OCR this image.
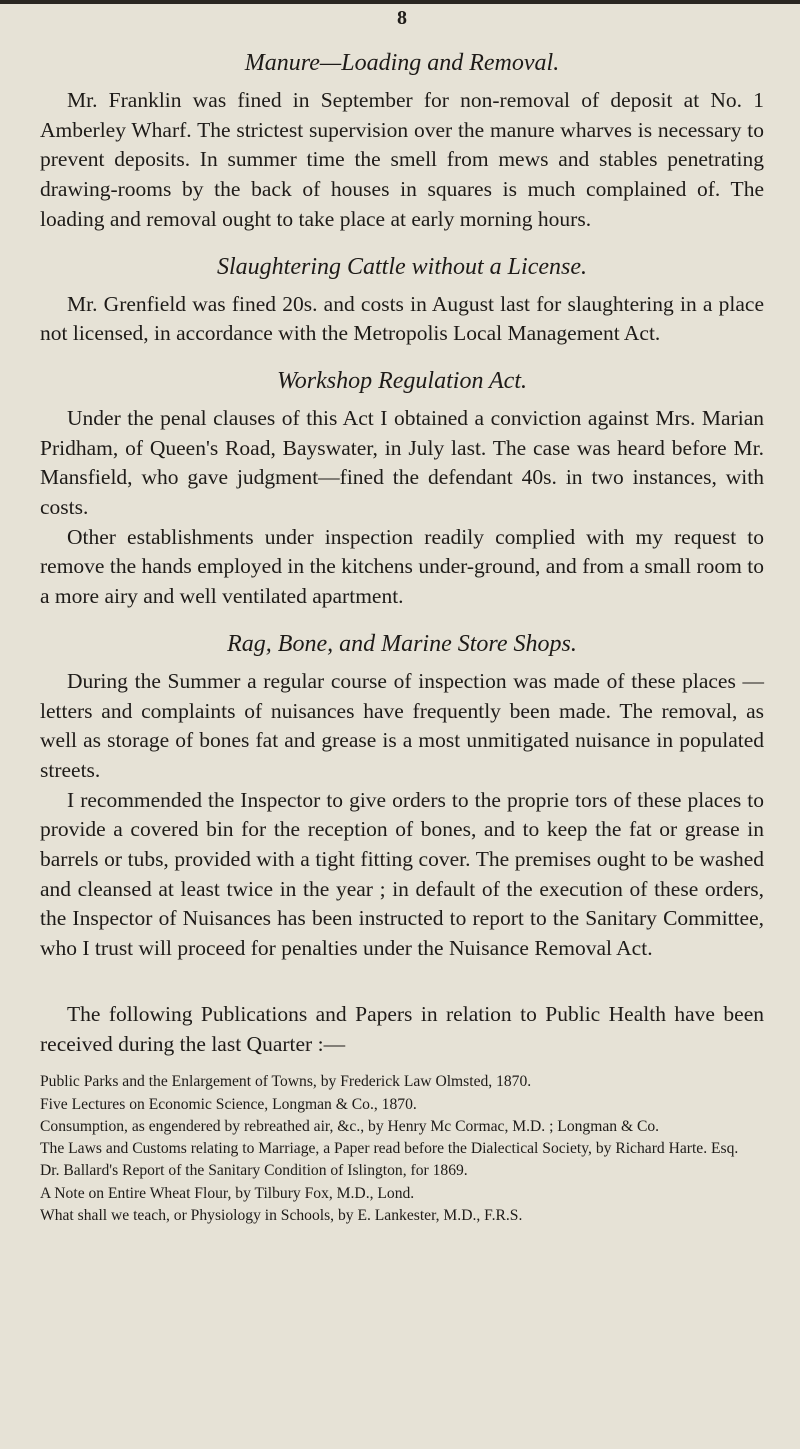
8
Manure—Loading and Removal.

Mr. Franklin was fined in September for non-removal of deposit at No. 1 Amberley Wharf. The strictest supervision over the manure wharves is necessary to prevent deposits. In summer time the smell from mews and stables penetrating drawing-rooms by the back of houses in squares is much complained of. The loading and removal ought to take place at early morning hours.

Slaughtering Cattle without a License.

Mr. Grenfield was fined 20s. and costs in August last for slaughtering in a place not licensed, in accordance with the Metropolis Local Management Act.

Workshop Regulation Act.

Under the penal clauses of this Act I obtained a conviction against Mrs. Marian Pridham, of Queen's Road, Bayswater, in July last. The case was heard before Mr. Mansfield, who gave judgment—fined the defendant 40s. in two instances, with costs.

Other establishments under inspection readily complied with my request to remove the hands employed in the kitchens under-ground, and from a small room to a more airy and well ventilated apartment.

Rag, Bone, and Marine Store Shops.

During the Summer a regular course of inspection was made of these places — letters and complaints of nuisances have frequently been made. The removal, as well as storage of bones fat and grease is a most unmitigated nuisance in populated streets.

I recommended the Inspector to give orders to the proprie tors of these places to provide a covered bin for the reception of bones, and to keep the fat or grease in barrels or tubs, provided with a tight fitting cover. The premises ought to be washed and cleansed at least twice in the year ; in default of the execution of these orders, the Inspector of Nuisances has been instructed to report to the Sanitary Committee, who I trust will proceed for penalties under the Nuisance Removal Act.

The following Publications and Papers in relation to Public Health have been received during the last Quarter :—

Public Parks and the Enlargement of Towns, by Frederick Law Olmsted, 1870.
Five Lectures on Economic Science, Longman & Co., 1870.
Consumption, as engendered by rebreathed air, &c., by Henry Mc Cormac, M.D. ; Longman & Co.
The Laws and Customs relating to Marriage, a Paper read before the Dialectical Society, by Richard Harte. Esq.
Dr. Ballard's Report of the Sanitary Condition of Islington, for 1869.
A Note on Entire Wheat Flour, by Tilbury Fox, M.D., Lond.
What shall we teach, or Physiology in Schools, by E. Lankester, M.D., F.R.S.
